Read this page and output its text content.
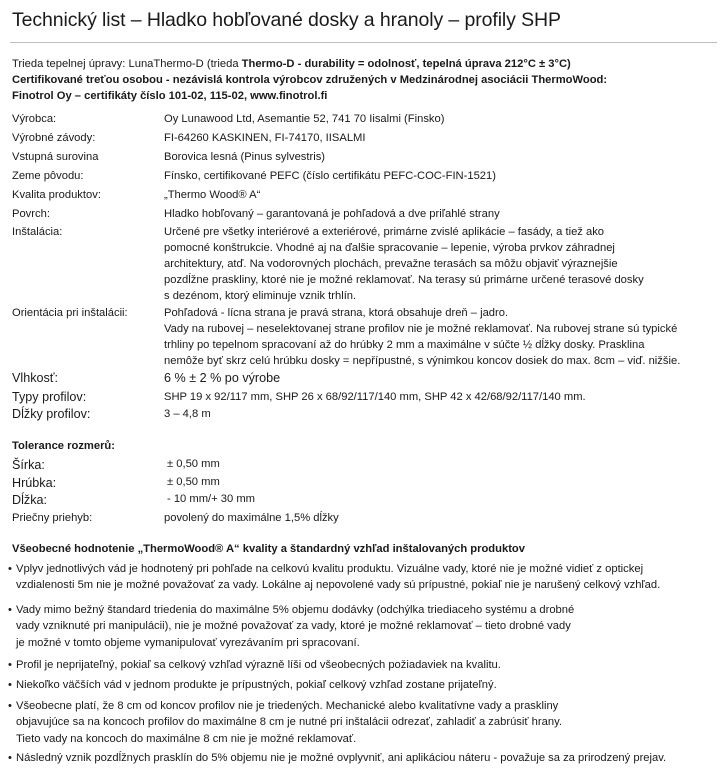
Technický list – Hladko hobľované dosky a hranoly – profily SHP
Trieda tepelnej úpravy: LunaThermo-D (trieda Thermo-D - durability = odolnosť, tepelná úprava 212°C ± 3°C)
Certifikované treťou osobou - nezávislá kontrola výrobcov združených v Medzinárodnej asociácii ThermoWood:
Finotrol Oy – certifikáty číslo 101-02, 115-02, www.finotrol.fi
Výrobca:	Oy Lunawood Ltd, Asemantie 52, 741 70 Iisalmi (Finsko)
Výrobné závody:	FI-64260 KASKINEN, FI-74170, IISALMI
Vstupná surovina	Borovica lesná (Pinus sylvestris)
Zeme pôvodu:	Fínsko, certifikované PEFC (číslo certifikátu PEFC-COC-FIN-1521)
Kvalita produktov:	„Thermo Wood® A“
Povrch:	Hladko hobľovaný – garantovaná je pohľadová a dve priľahlé strany
Inštalácia:	Určené pre všetky interiérové a exteriérové, primárne zvislé aplikácie – fasády, a tiež ako
pomocné konštrukcie. Vhodné aj na ďalšie spracovanie – lepenie, výroba prvkov záhradnej
architektury, atď. Na vodorovných plochách, prevažne terasách sa môžu objaviť výraznejšie
pozdĺžne praskliny, ktoré nie je možné reklamovať. Na terasy sú primárne určené terasové dosky
s dezénom, ktorý eliminuje vznik trhlín.
Orientácia pri inštalácii:	Pohľadová - lícna strana je pravá strana, ktorá obsahuje dreň – jadro.
Vady na rubovej – neselektovanej strane profilov nie je možné reklamovať. Na rubovej strane sú typické
trhliny po tepelnom spracovaní až do hrúbky 2 mm a maximálne v súčte ½ dĺžky dosky. Prasklina
nemôže byť skrz celú hrúbku dosky = nepřípustné, s výnimkou koncov dosiek do max. 8cm – viď. nižšie.
Vlhkosť:	6 % ± 2 % po výrobe
Typy profilov:	SHP 19 x 92/117 mm, SHP 26 x 68/92/117/140 mm, SHP 42 x 42/68/92/117/140 mm.
Dĺžky profilov:	3 – 4,8 m
Tolerance rozmerů:
Šírka:	± 0,50 mm
Hrúbka:	± 0,50 mm
Dĺžka:	- 10 mm/+ 30 mm
Priečny priehyb:	povolený do maximálne 1,5% dĺžky
Všeobecné hodnotenie „ThermoWood® A“ kvality a štandardný vzhľad inštalovaných produktov
• Vplyv jednotlivých vád je hodnotený pri pohľade na celkovú kvalitu produktu. Vizuálne vady, ktoré nie je možné vidieť z optickej
vzdialenosti 5m nie je možné považovať za vady. Lokálne aj nepovolené vady sú prípustné, pokiaľ nie je narušený celkový vzhľad.
• Vady mimo bežný štandard triedenia do maximálne 5% objemu dodávky (odchýlka triediaceho systému a drobné
vady vzniknuté pri manipulácii), nie je možné považovať za vady, ktoré je možné reklamovať – tieto drobné vady
je možné v tomto objeme vymanipulovať vyrezávaním pri spracovaní.
• Profil je neprijateľný, pokiaľ sa celkový vzhľad výrazně líši od všeobecných požiadaviek na kvalitu.
• Niekoľko väčších vád v jednom produkte je prípustných, pokiaľ celkový vzhľad zostane prijateľný.
• Všeobecne platí, že 8 cm od koncov profilov nie je triedených. Mechanické alebo kvalitatívne vady a praskliny
objavujúce sa na koncoch profilov do maximálne 8 cm je nutné pri inštalácii odrezať, zahladiť a zabrúsiť hrany.
Tieto vady na koncoch do maximálne 8 cm nie je možné reklamovať.
• Následný vznik pozdĺžnych prasklín do 5% objemu nie je možné ovplyvniť, ani aplikáciou náteru - považuje sa za prirodzený prejav.
